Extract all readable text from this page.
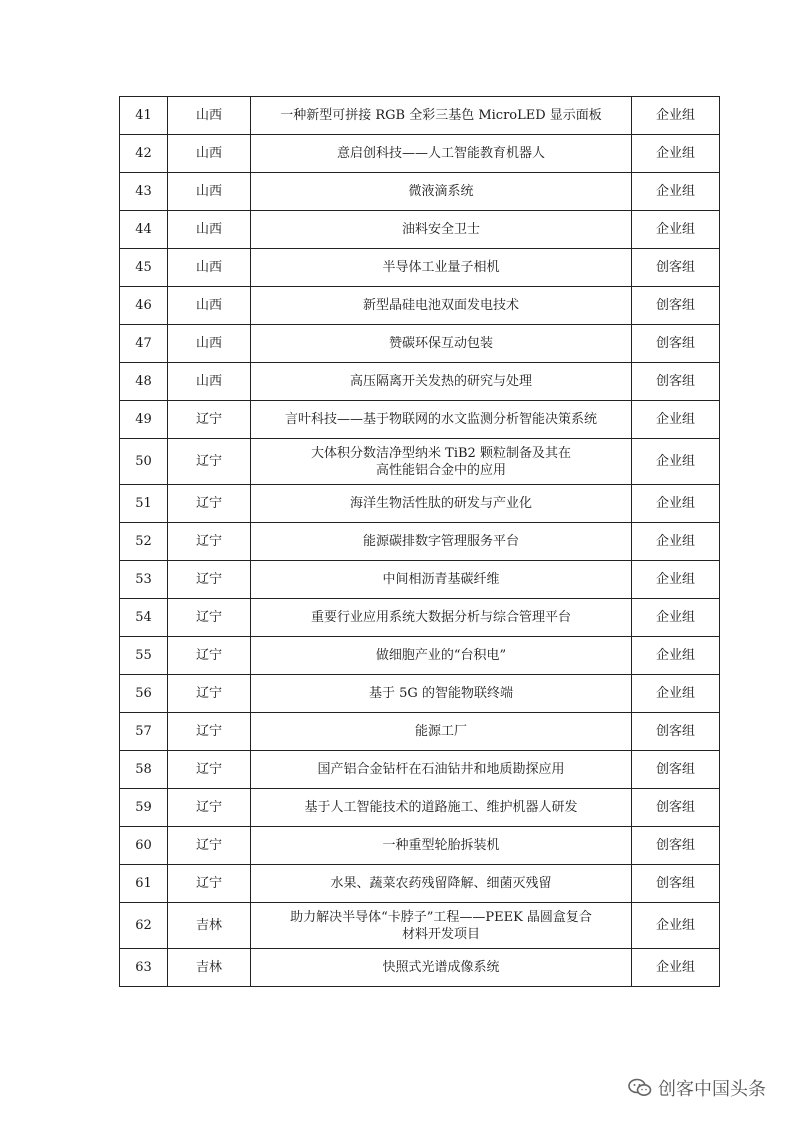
41	山西	一种新型可拼接 RGB 全彩三基色 MicroLED 显示面板	企业组
42	山西	意启创科技——人工智能教育机器人	企业组
43	山西	微液滴系统	企业组
44	山西	油料安全卫士	企业组
45	山西	半导体工业量子相机	创客组
46	山西	新型晶硅电池双面发电技术	创客组
47	山西	赞碳环保互动包装	创客组
48	山西	高压隔离开关发热的研究与处理	创客组
49	辽宁	言叶科技——基于物联网的水文监测分析智能决策系统	企业组
50	辽宁	大体积分数洁净型纳米 TiB2 颗粒制备及其在
高性能铝合金中的应用	企业组
51	辽宁	海洋生物活性肽的研发与产业化	企业组
52	辽宁	能源碳排数字管理服务平台	企业组
53	辽宁	中间相沥青基碳纤维	企业组
54	辽宁	重要行业应用系统大数据分析与综合管理平台	企业组
55	辽宁	做细胞产业的“台积电”	企业组
56	辽宁	基于 5G 的智能物联终端	企业组
57	辽宁	能源工厂	创客组
58	辽宁	国产铝合金钻杆在石油钻井和地质勘探应用	创客组
59	辽宁	基于人工智能技术的道路施工、维护机器人研发	创客组
60	辽宁	一种重型轮胎拆装机	创客组
61	辽宁	水果、蔬菜农药残留降解、细菌灭残留	创客组
62	吉林	助力解决半导体“卡脖子”工程——PEEK 晶圆盒复合
材料开发项目	企业组
63	吉林	快照式光谱成像系统	企业组
创客中国头条
